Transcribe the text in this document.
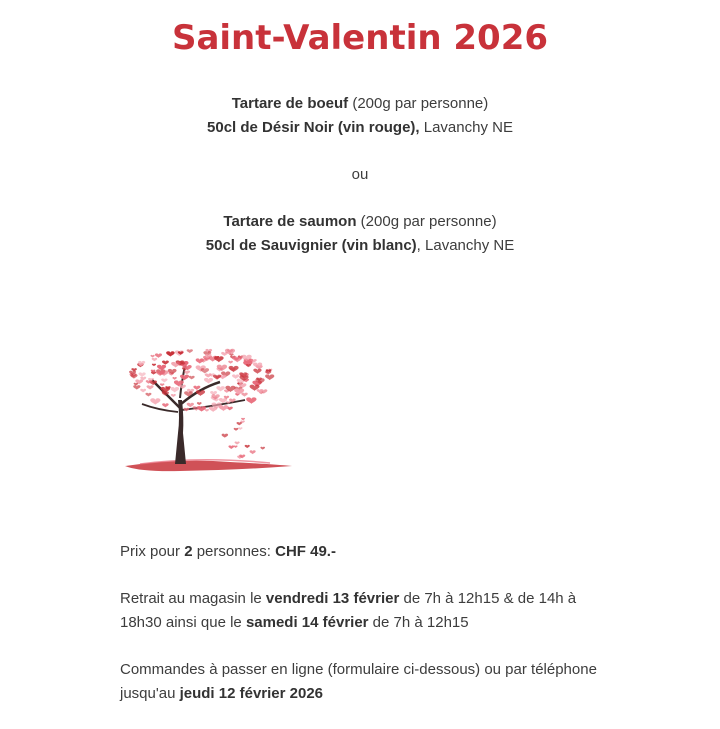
Saint-Valentin 2026

Tartare de boeuf (200g par personne)

50cl de Désir Noir (vin rouge), Lavanchy NE

ou

Tartare de saumon (200g par personne)

50cl de Sauvignier (vin blanc), Lavanchy NE

Prix pour 2 personnes: CHF 49.-

Retrait au magasin le vendredi 13 février de 7h à 12h15 & de 14h à 18h30 ainsi que le samedi 14 février de 7h à 12h15

Commandes à passer en ligne (formulaire ci-dessous) ou par téléphone jusqu'au jeudi 12 février 2026
